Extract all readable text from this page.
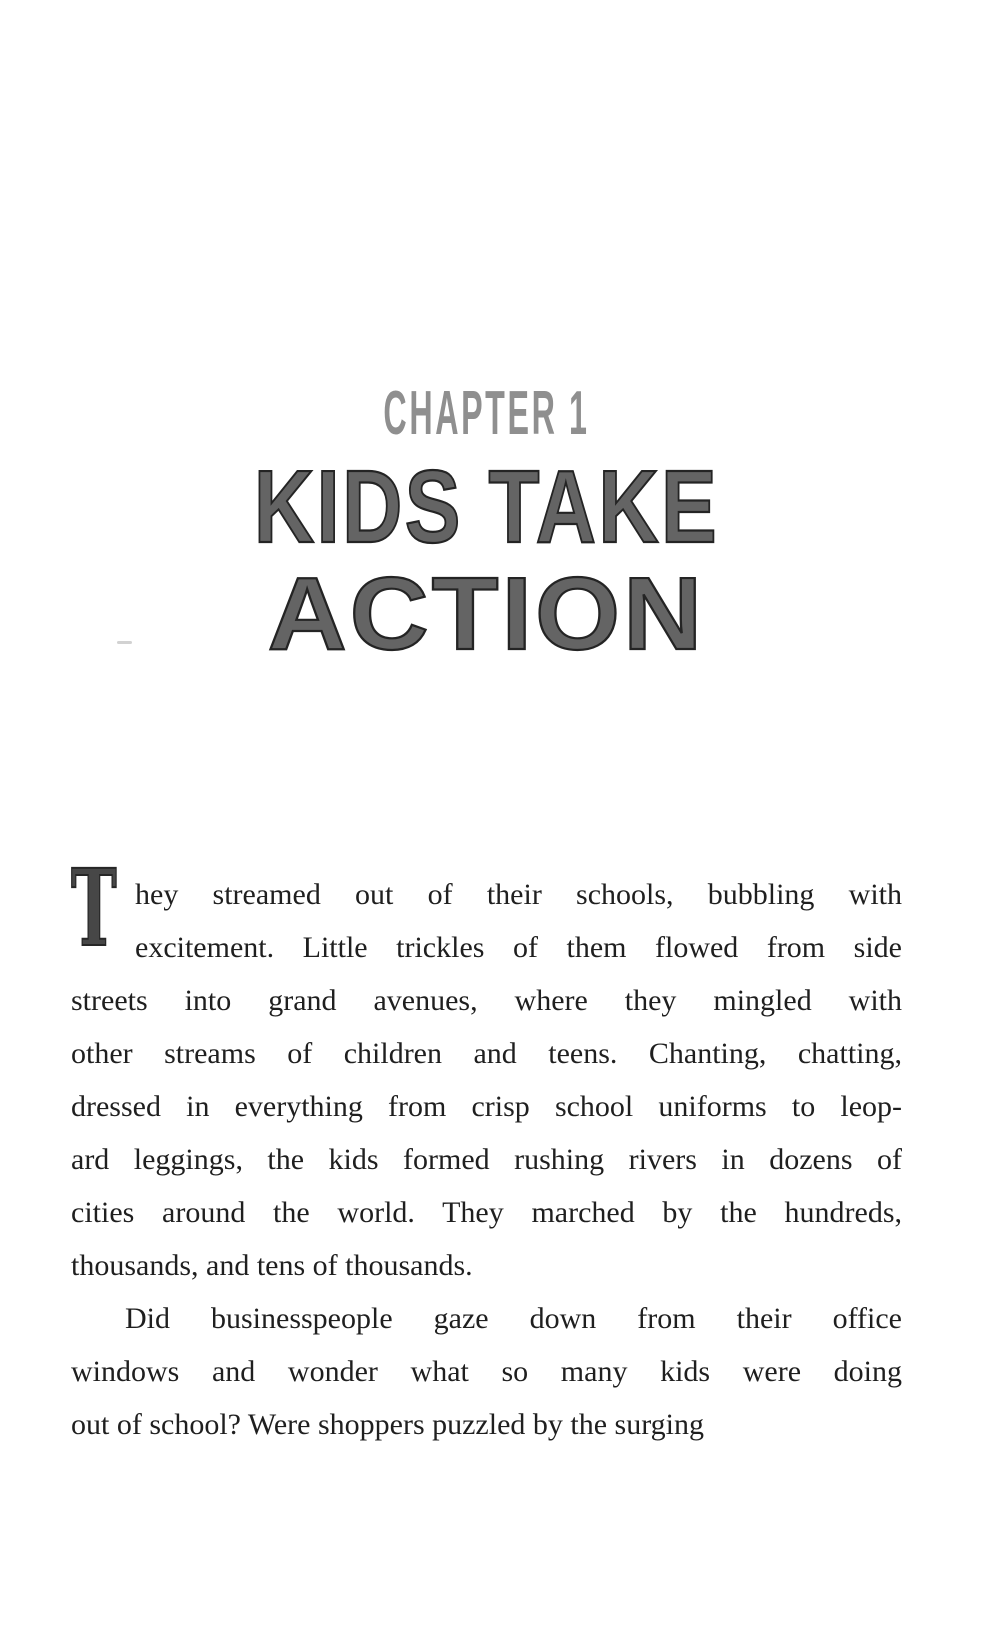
CHAPTER 1
KIDS TAKE
ACTION
T hey streamed out of their schools, bubbling with
excitement. Little trickles of them flowed from side
streets into grand avenues, where they mingled with
other streams of children and teens. Chanting, chatting,
dressed in everything from crisp school uniforms to leop-
ard leggings, the kids formed rushing rivers in dozens of
cities around the world. They marched by the hundreds,
thousands, and tens of thousands.
Did businesspeople gaze down from their office
windows and wonder what so many kids were doing
out of school? Were shoppers puzzled by the surging
